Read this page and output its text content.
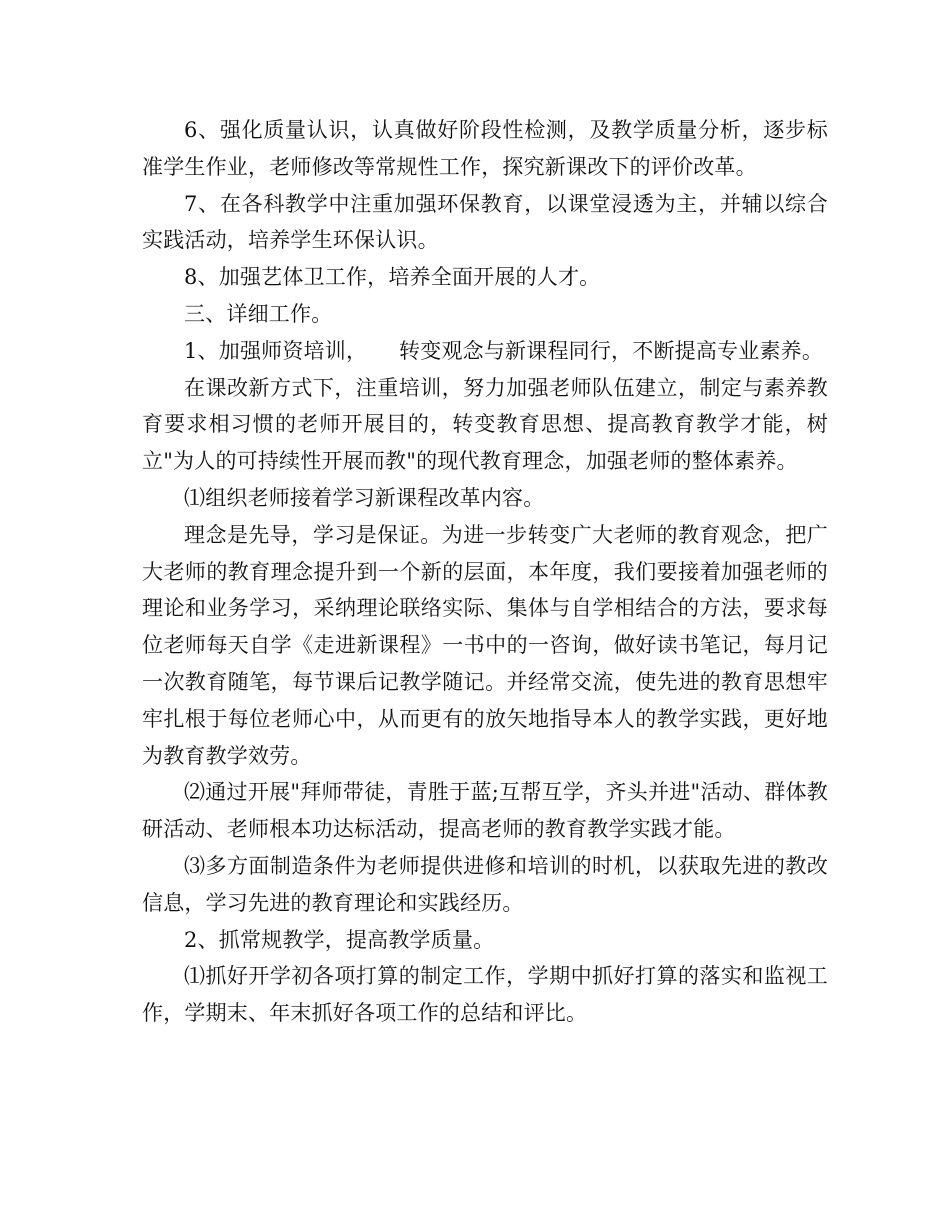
6、强化质量认识，认真做好阶段性检测，及教学质量分析，逐步标准学生作业，老师修改等常规性工作，探究新课改下的评价改革。

7、在各科教学中注重加强环保教育，以课堂浸透为主，并辅以综合实践活动，培养学生环保认识。

8、加强艺体卫工作，培养全面开展的人才。

三、详细工作。

1、加强师资培训，　　转变观念与新课程同行，不断提高专业素养。

在课改新方式下，注重培训，努力加强老师队伍建立，制定与素养教育要求相习惯的老师开展目的，转变教育思想、提高教育教学才能，树立"为人的可持续性开展而教"的现代教育理念，加强老师的整体素养。

⑴组织老师接着学习新课程改革内容。

理念是先导，学习是保证。为进一步转变广大老师的教育观念，把广大老师的教育理念提升到一个新的层面，本年度，我们要接着加强老师的理论和业务学习，采纳理论联络实际、集体与自学相结合的方法，要求每位老师每天自学《走进新课程》一书中的一咨询，做好读书笔记，每月记一次教育随笔，每节课后记教学随记。并经常交流，使先进的教育思想牢牢扎根于每位老师心中，从而更有的放矢地指导本人的教学实践，更好地为教育教学效劳。

⑵通过开展"拜师带徒，青胜于蓝;互帮互学，齐头并进"活动、群体教研活动、老师根本功达标活动，提高老师的教育教学实践才能。

⑶多方面制造条件为老师提供进修和培训的时机，以获取先进的教改信息，学习先进的教育理论和实践经历。

2、抓常规教学，提高教学质量。

⑴抓好开学初各项打算的制定工作，学期中抓好打算的落实和监视工作，学期末、年末抓好各项工作的总结和评比。
